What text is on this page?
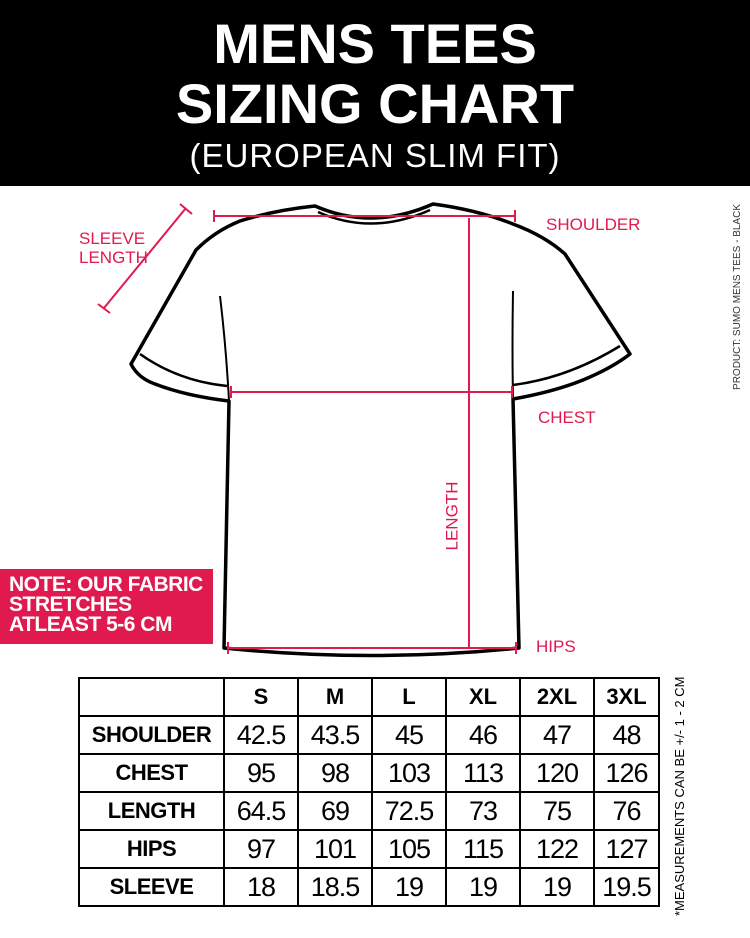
MENS TEES
SIZING CHART
(EUROPEAN SLIM FIT)
SLEEVE
LENGTH
SHOULDER
CHEST
LENGTH
HIPS
PRODUCT: SUMO MENS TEES - BLACK
NOTE: OUR FABRIC
STRETCHES
ATLEAST 5-6 CM
	S	M	L	XL	2XL	3XL
SHOULDER	42.5	43.5	45	46	47	48
CHEST	95	98	103	113	120	126
LENGTH	64.5	69	72.5	73	75	76
HIPS	97	101	105	115	122	127
SLEEVE	18	18.5	19	19	19	19.5 *MEASUREMENTS CAN BE +/- 1 - 2 CM
